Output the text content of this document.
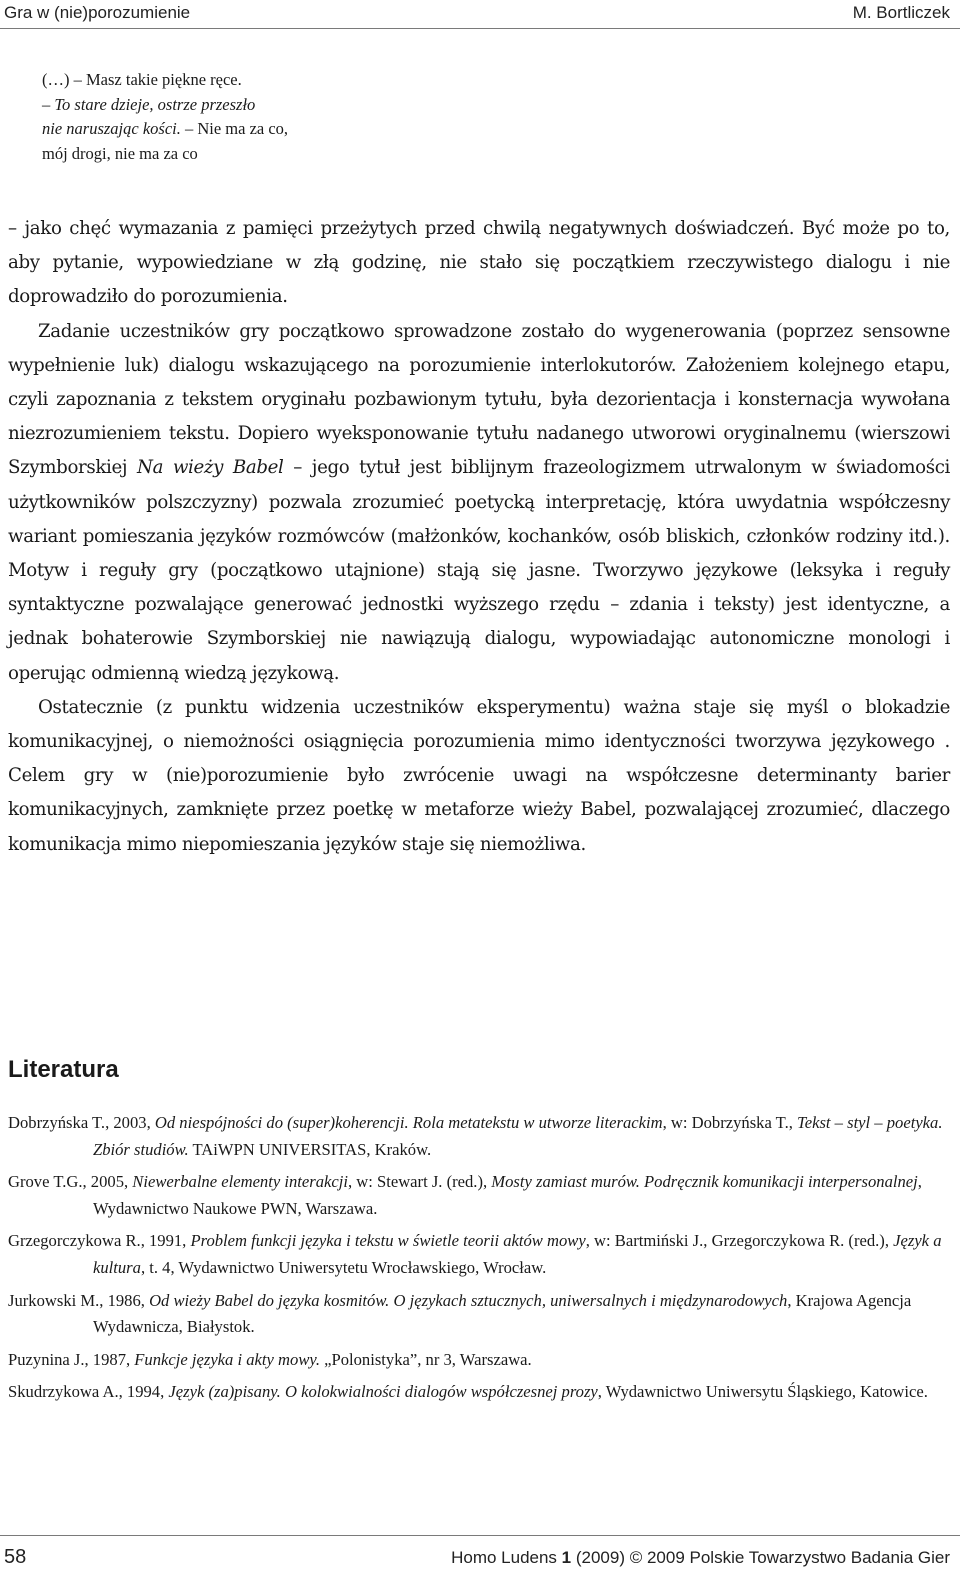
Gra w (nie)porozumienie	M. Bortliczek

(…) – Masz takie piękne ręce.

– To stare dzieje, ostrze przeszło

nie naruszając kości. – Nie ma za co,

mój drogi, nie ma za co

– jako chęć wymazania z pamięci przeżytych przed chwilą negatywnych doświadczeń. Być może po to, aby pytanie, wypowiedziane w złą godzinę, nie stało się początkiem rzeczywistego dialogu i nie doprowadziło do porozumienia.

Zadanie uczestników gry początkowo sprowadzone zostało do wygenerowania (poprzez sensowne wypełnienie luk) dialogu wskazującego na porozumienie interlokutorów. Założeniem kolejnego etapu, czyli zapoznania z tekstem oryginału pozbawionym tytułu, była dezorientacja i konsternacja wywołana niezrozumieniem tekstu. Dopiero wyeksponowanie tytułu nadanego utworowi oryginalnemu (wierszowi Szymborskiej Na wieży Babel – jego tytuł jest biblijnym frazeologizmem utrwalonym w świadomości użytkowników polszczyzny) pozwala zrozumieć poetycką interpretację, która uwydatnia współczesny wariant pomieszania języków rozmówców (małżonków, kochanków, osób bliskich, członków rodziny itd.). Motyw i reguły gry (początkowo utajnione) stają się jasne. Tworzywo językowe (leksyka i reguły syntaktyczne pozwalające generować jednostki wyższego rzędu – zdania i teksty) jest identyczne, a jednak bohaterowie Szymborskiej nie nawiązują dialogu, wypowiadając autonomiczne monologi i operując odmienną wiedzą językową.

Ostatecznie (z punktu widzenia uczestników eksperymentu) ważna staje się myśl o blokadzie komunikacyjnej, o niemożności osiągnięcia porozumienia mimo identyczności tworzywa językowego . Celem gry w (nie)porozumienie było zwrócenie uwagi na współczesne determinanty barier komunikacyjnych, zamknięte przez poetkę w metaforze wieży Babel, pozwalającej zrozumieć, dlaczego komunikacja mimo niepomieszania języków staje się niemożliwa.

Literatura

Dobrzyńska T., 2003, Od niespójności do (super)koherencji. Rola metatekstu w utworze literackim, w: Dobrzyńska T., Tekst – styl – poetyka. Zbiór studiów. TAiWPN UNIVERSITAS, Kraków.

Grove T.G., 2005, Niewerbalne elementy interakcji, w: Stewart J. (red.), Mosty zamiast murów. Podręcznik komunikacji interpersonalnej, Wydawnictwo Naukowe PWN, Warszawa.

Grzegorczykowa R., 1991, Problem funkcji języka i tekstu w świetle teorii aktów mowy, w: Bartmiński J., Grzegorczykowa R. (red.), Język a kultura, t. 4, Wydawnictwo Uniwersytetu Wrocławskiego, Wrocław.

Jurkowski M., 1986, Od wieży Babel do języka kosmitów. O językach sztucznych, uniwersalnych i międzynarodowych, Krajowa Agencja Wydawnicza, Białystok.

Puzynina J., 1987, Funkcje języka i akty mowy. „Polonistyka”, nr 3, Warszawa.

Skudrzykowa A., 1994, Język (za)pisany. O kolokwialności dialogów współczesnej prozy, Wydawnictwo Uniwersytu Śląskiego, Katowice.

58	Homo Ludens 1 (2009) © 2009 Polskie Towarzystwo Badania Gier
